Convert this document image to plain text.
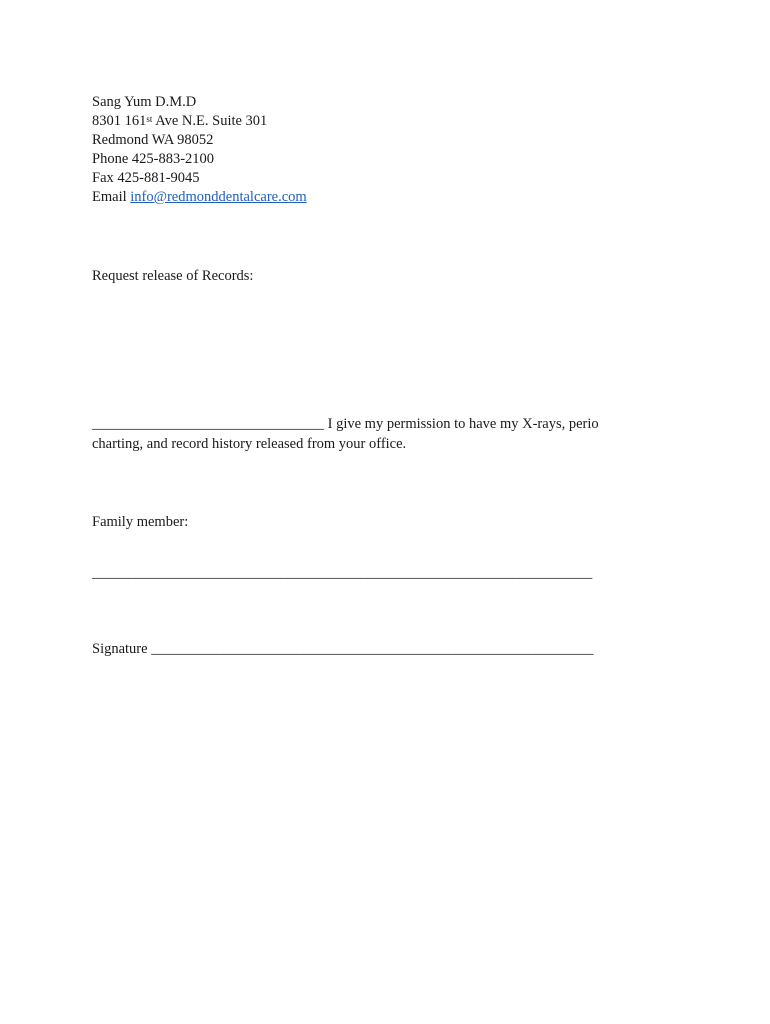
Sang Yum D.M.D
8301 161st Ave N.E. Suite 301
Redmond WA 98052
Phone 425-883-2100
Fax 425-881-9045
Email info@redmonddentalcare.com
Request release of Records:
________________________________ I give my permission to have my X-rays, perio
charting, and record history released from your office.
Family member:
_____________________________________________________________________
Signature _____________________________________________________________
